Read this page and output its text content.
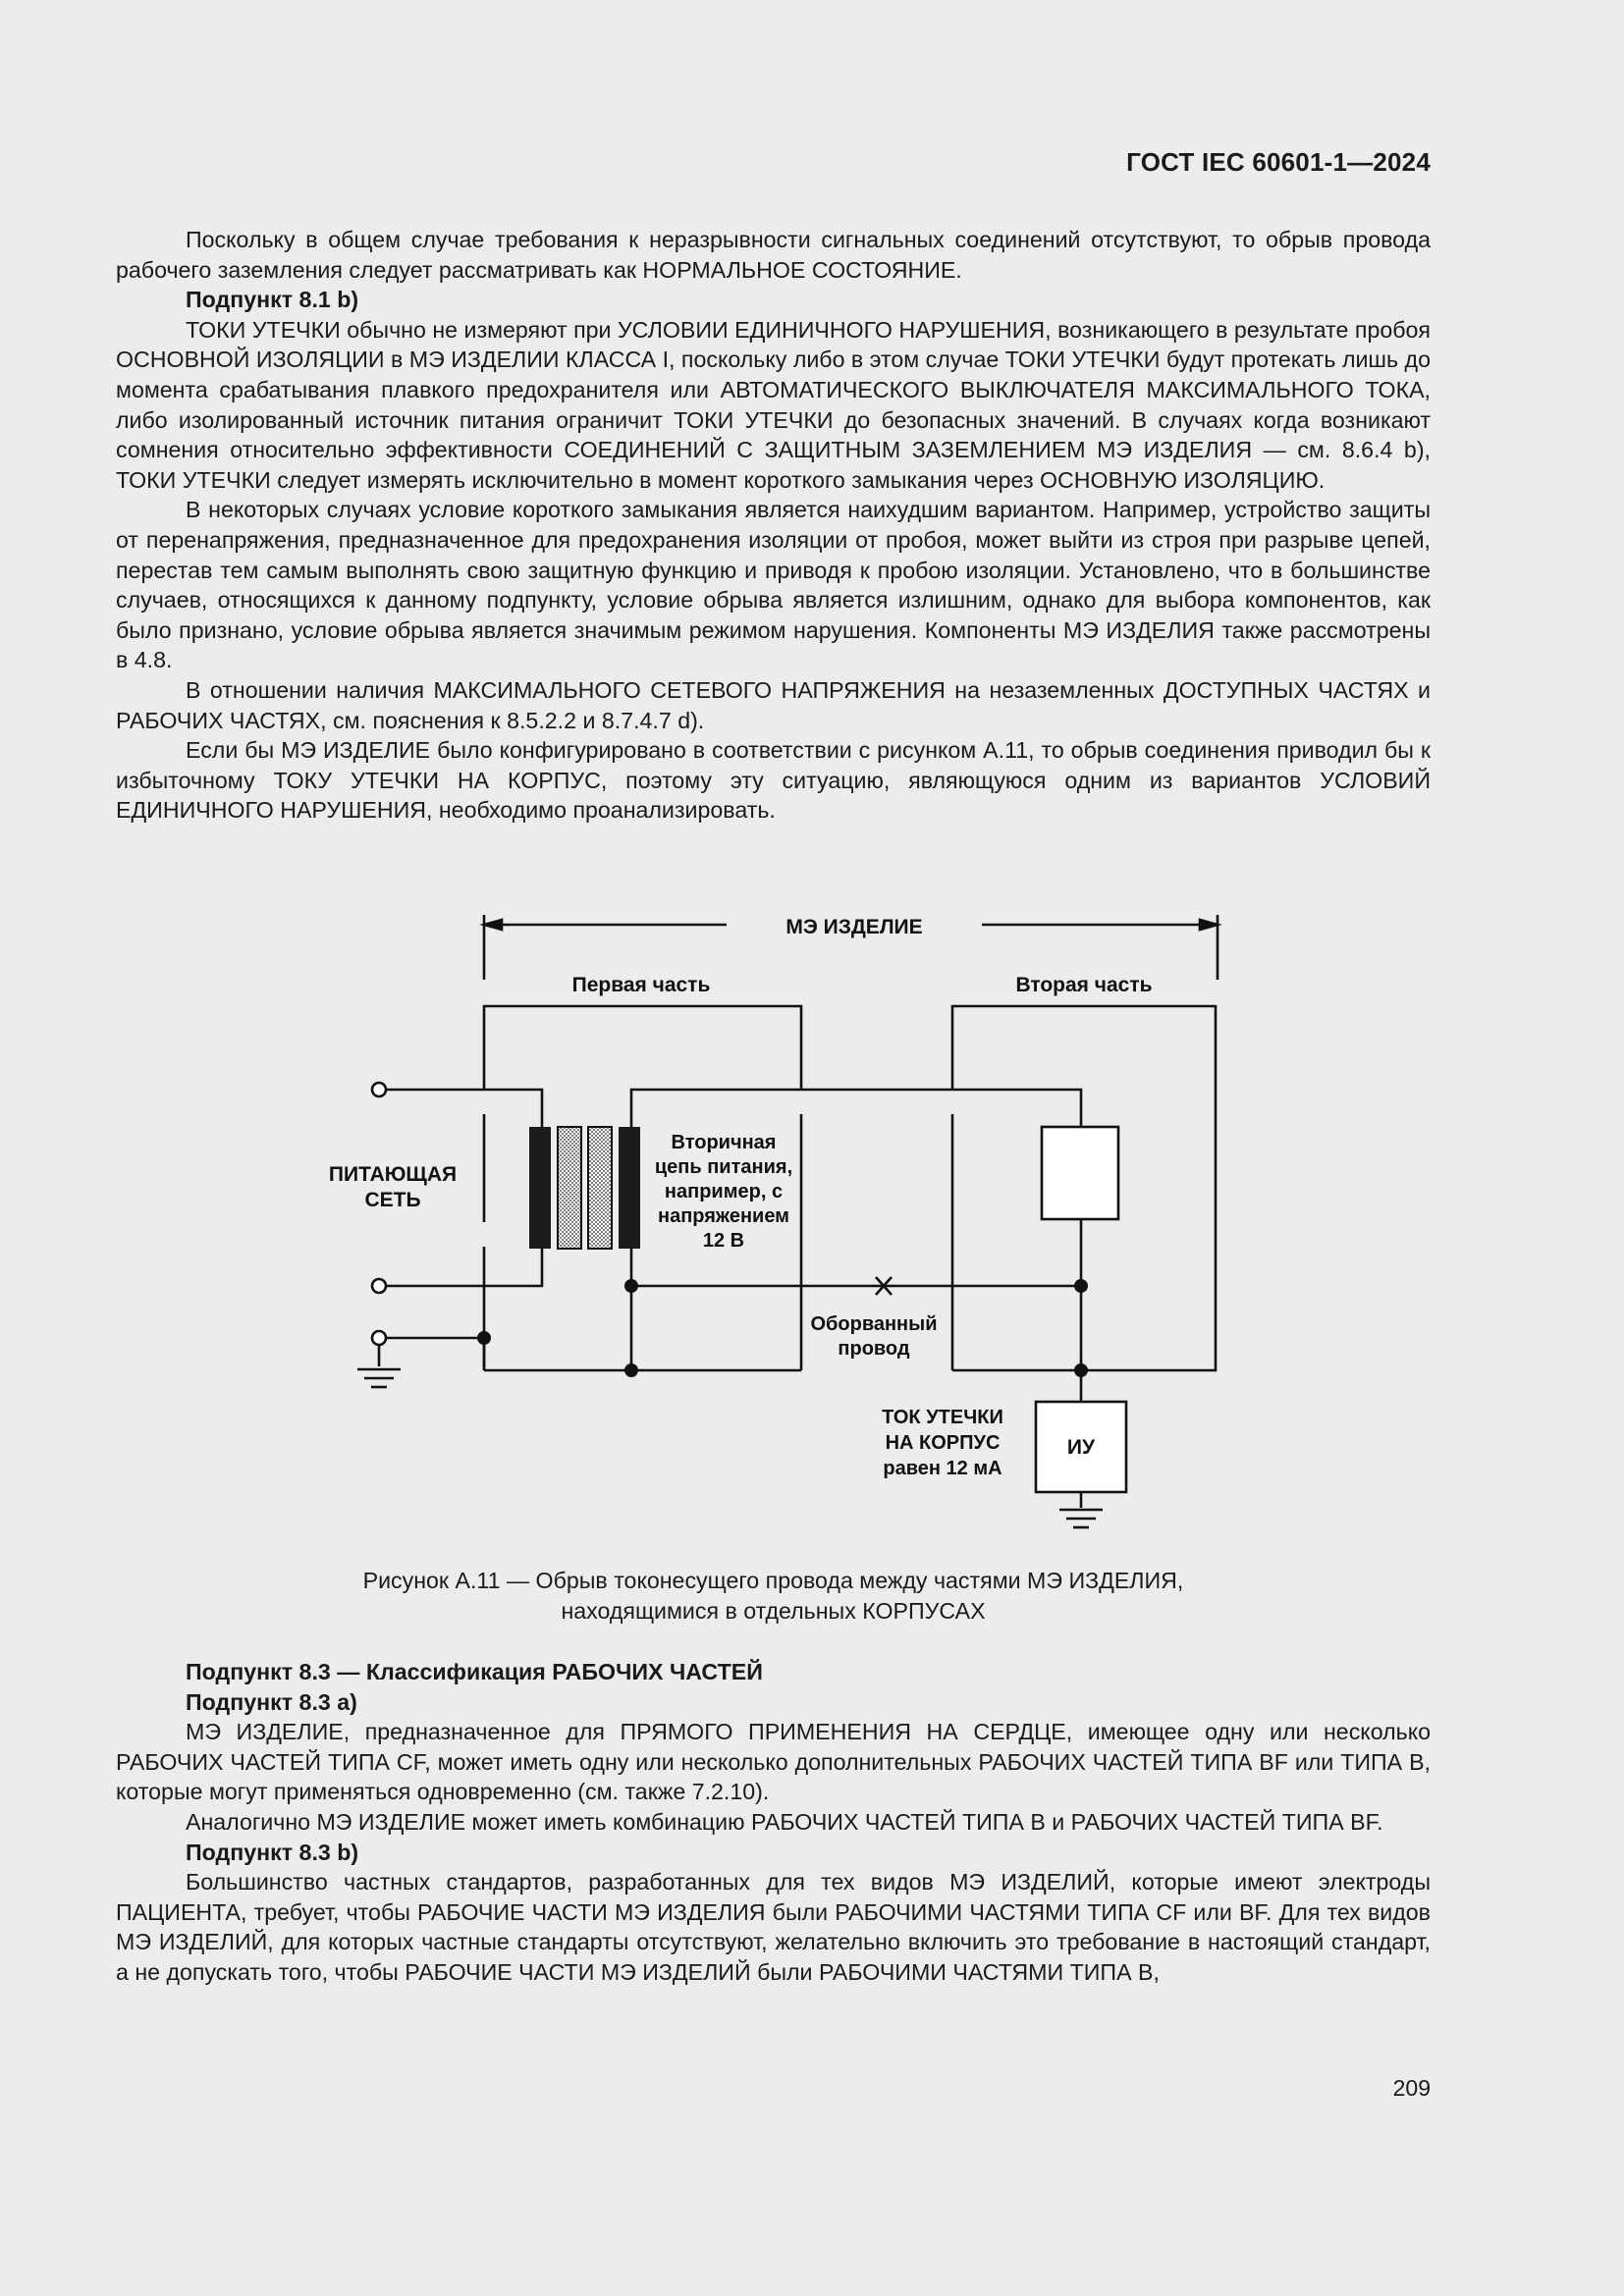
ГОСТ IEC 60601-1—2024

Поскольку в общем случае требования к неразрывности сигнальных соединений отсутствуют, то обрыв провода рабочего заземления следует рассматривать как НОРМАЛЬНОЕ СОСТОЯНИЕ.

Подпункт 8.1 b)

ТОКИ УТЕЧКИ обычно не измеряют при УСЛОВИИ ЕДИНИЧНОГО НАРУШЕНИЯ, возникающего в результате пробоя ОСНОВНОЙ ИЗОЛЯЦИИ в МЭ ИЗДЕЛИИ КЛАССА I, поскольку либо в этом случае ТОКИ УТЕЧКИ будут протекать лишь до момента срабатывания плавкого предохранителя или АВТОМАТИЧЕСКОГО ВЫКЛЮЧАТЕЛЯ МАКСИМАЛЬНОГО ТОКА, либо изолированный источник питания ограничит ТОКИ УТЕЧКИ до безопасных значений. В случаях когда возникают сомнения относительно эффективности СОЕДИНЕНИЙ С ЗАЩИТНЫМ ЗАЗЕМЛЕНИЕМ МЭ ИЗДЕЛИЯ — см. 8.6.4 b), ТОКИ УТЕЧКИ следует измерять исключительно в момент короткого замыкания через ОСНОВНУЮ ИЗОЛЯЦИЮ.

В некоторых случаях условие короткого замыкания является наихудшим вариантом. Например, устройство защиты от перенапряжения, предназначенное для предохранения изоляции от пробоя, может выйти из строя при разрыве цепей, перестав тем самым выполнять свою защитную функцию и приводя к пробою изоляции. Установлено, что в большинстве случаев, относящихся к данному подпункту, условие обрыва является излишним, однако для выбора компонентов, как было признано, условие обрыва является значимым режимом нарушения. Компоненты МЭ ИЗДЕЛИЯ также рассмотрены в 4.8.

В отношении наличия МАКСИМАЛЬНОГО СЕТЕВОГО НАПРЯЖЕНИЯ на незаземленных ДОСТУПНЫХ ЧАСТЯХ и РАБОЧИХ ЧАСТЯХ, см. пояснения к 8.5.2.2 и 8.7.4.7 d).

Если бы МЭ ИЗДЕЛИЕ было конфигурировано в соответствии с рисунком А.11, то обрыв соединения приводил бы к избыточному ТОКУ УТЕЧКИ НА КОРПУС, поэтому эту ситуацию, являющуюся одним из вариантов УСЛОВИЙ ЕДИНИЧНОГО НАРУШЕНИЯ, необходимо проанализировать.

МЭ ИЗДЕЛИЕ
Первая часть	Вторая часть
ПИТАЮЩАЯ
СЕТЬ
Вторичная
цепь питания,
например, с
напряжением
12 В
Оборванный
провод
ТОК УТЕЧКИ
НА КОРПУС
равен 12 мА
ИУ
Рисунок А.11 — Обрыв токонесущего провода между частями МЭ ИЗДЕЛИЯ,
находящимися в отдельных КОРПУСАХ

Подпункт 8.3 — Классификация РАБОЧИХ ЧАСТЕЙ

Подпункт 8.3 a)

МЭ ИЗДЕЛИЕ, предназначенное для ПРЯМОГО ПРИМЕНЕНИЯ НА СЕРДЦЕ, имеющее одну или несколько РАБОЧИХ ЧАСТЕЙ ТИПА CF, может иметь одну или несколько дополнительных РАБОЧИХ ЧАСТЕЙ ТИПА BF или ТИПА B, которые могут применяться одновременно (см. также 7.2.10).

Аналогично МЭ ИЗДЕЛИЕ может иметь комбинацию РАБОЧИХ ЧАСТЕЙ ТИПА B и РАБОЧИХ ЧАСТЕЙ ТИПА BF.

Подпункт 8.3 b)

Большинство частных стандартов, разработанных для тех видов МЭ ИЗДЕЛИЙ, которые имеют электроды ПАЦИЕНТА, требует, чтобы РАБОЧИЕ ЧАСТИ МЭ ИЗДЕЛИЯ были РАБОЧИМИ ЧАСТЯМИ ТИПА CF или BF. Для тех видов МЭ ИЗДЕЛИЙ, для которых частные стандарты отсутствуют, желательно включить это требование в настоящий стандарт, а не допускать того, чтобы РАБОЧИЕ ЧАСТИ МЭ ИЗДЕЛИЙ были РАБОЧИМИ ЧАСТЯМИ ТИПА B,

209
